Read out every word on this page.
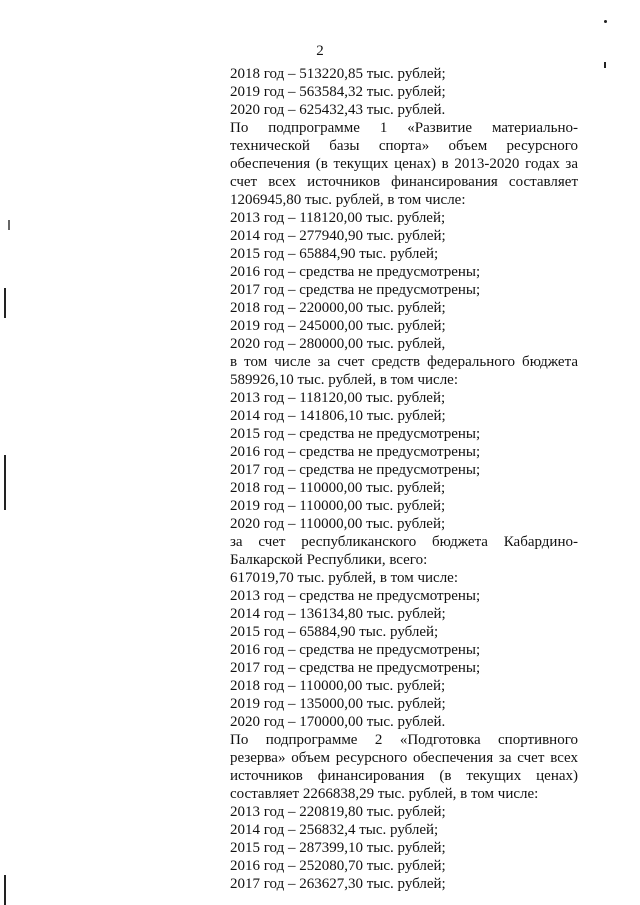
2
2018 год – 513220,85 тыс. рублей;
2019 год – 563584,32 тыс. рублей;
2020 год – 625432,43 тыс. рублей.
По подпрограмме 1 «Развитие материально-
технической базы спорта» объем ресурсного
обеспечения (в текущих ценах) в 2013-2020 годах за
счет всех источников финансирования составляет
1206945,80 тыс. рублей, в том числе:
2013 год – 118120,00 тыс. рублей;
2014 год – 277940,90 тыс. рублей;
2015 год – 65884,90 тыс. рублей;
2016 год – средства не предусмотрены;
2017 год – средства не предусмотрены;
2018 год – 220000,00 тыс. рублей;
2019 год – 245000,00 тыс. рублей;
2020 год – 280000,00 тыс. рублей,
в том числе за счет средств федерального бюджета
589926,10 тыс. рублей, в том числе:
2013 год – 118120,00 тыс. рублей;
2014 год – 141806,10 тыс. рублей;
2015 год – средства не предусмотрены;
2016 год – средства не предусмотрены;
2017 год – средства не предусмотрены;
2018 год – 110000,00 тыс. рублей;
2019 год – 110000,00 тыс. рублей;
2020 год – 110000,00 тыс. рублей;
за счет республиканского бюджета Кабардино-
Балкарской Республики, всего:
617019,70 тыс. рублей, в том числе:
2013 год – средства не предусмотрены;
2014 год – 136134,80 тыс. рублей;
2015 год – 65884,90 тыс. рублей;
2016 год – средства не предусмотрены;
2017 год – средства не предусмотрены;
2018 год – 110000,00 тыс. рублей;
2019 год – 135000,00 тыс. рублей;
2020 год – 170000,00 тыс. рублей.
По подпрограмме 2 «Подготовка спортивного
резерва» объем ресурсного обеспечения за счет всех
источников финансирования (в текущих ценах)
составляет 2266838,29 тыс. рублей, в том числе:
2013 год – 220819,80 тыс. рублей;
2014 год – 256832,4 тыс. рублей;
2015 год – 287399,10 тыс. рублей;
2016 год – 252080,70 тыс. рублей;
2017 год – 263627,30 тыс. рублей;
